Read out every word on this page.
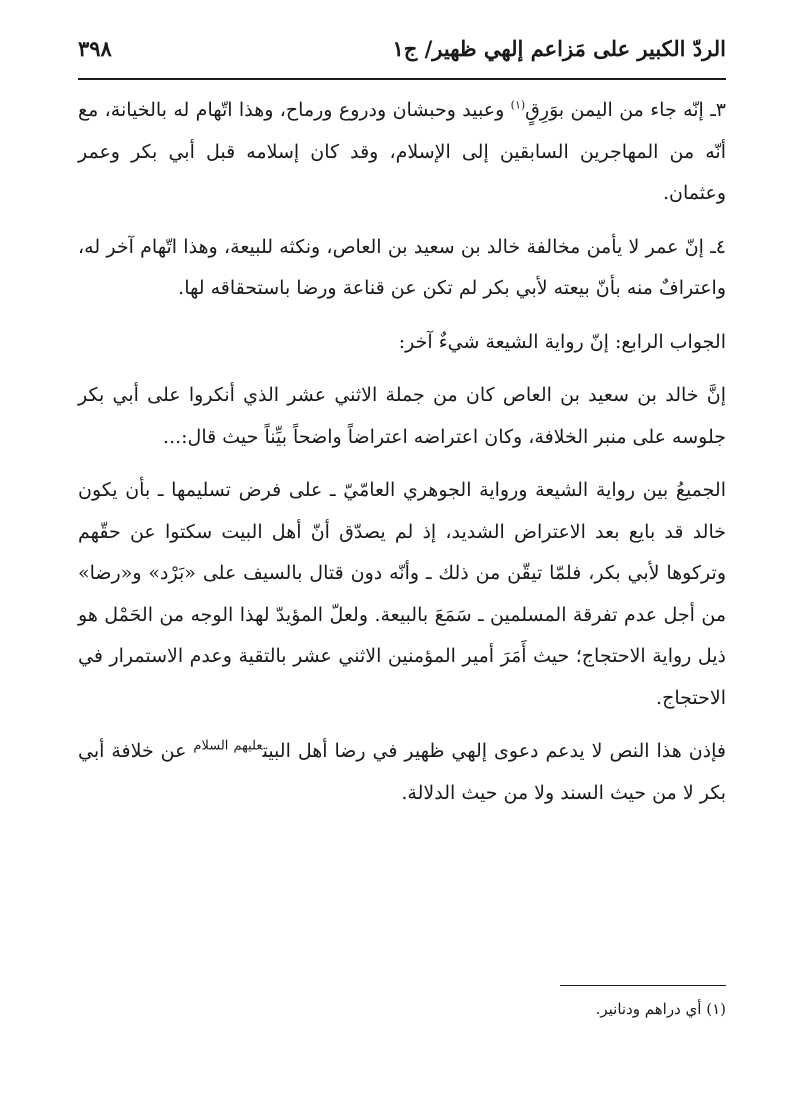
الردّ الكبير على مَزاعم إلهي ظهير/ ج١
٣٩٨

٣ـ إنّه جاء من اليمن بوَرِقٍ$^{(١)}$ وعبيد وحبشان ودروع ورماح، وهذا اتّهام له بالخيانة، مع أنّه من المهاجرين السابقين إلى الإسلام، وقد كان إسلامه قبل أبي بكر وعمر وعثمان.

٤ـ إنّ عمر لا يأمن مخالفة خالد بن سعيد بن العاص، ونكثه للبيعة، وهذا اتّهام آخر له، واعترافٌ منه بأنّ بيعته لأبي بكر لم تكن عن قناعة ورضا باستحقاقه لها.

الجواب الرابع: إنّ رواية الشيعة شيءٌ آخر:

إنَّ خالد بن سعيد بن العاص كان من جملة الاثني عشر الذي أنكروا على أبي بكر جلوسه على منبر الخلافة، وكان اعتراضه اعتراضاً واضحاً بيِّناً حيث قال:...

الجميعُ بين رواية الشيعة ورواية الجوهري العامّيّ ـ على فرض تسليمها ـ بأن يكون خالد قد بايع بعد الاعتراض الشديد، إذ لم يصدّق أنّ أهل البيت سكتوا عن حقّهم وتركوها لأبي بكر، فلمّا تيقّن من ذلك ـ وأنّه دون قتال بالسيف على «بَرْد» و«رضا» من أجل عدم تفرقة المسلمين ـ سَمَعَ بالبيعة. ولعلّ المؤيدّ لهذا الوجه من الحَمْل هو ذيل رواية الاحتجاج؛ حيث أَمَرَ أمير المؤمنين الاثني عشر بالتقية وعدم الاستمرار في الاحتجاج.

فإذن هذا النص لا يدعم دعوى إلهي ظهير في رضا أهل البيت$^{عليهم السلام}$ عن خلافة أبي بكر لا من حيث السند ولا من حيث الدلالة.

(١) أي دراهم ودنانير.
